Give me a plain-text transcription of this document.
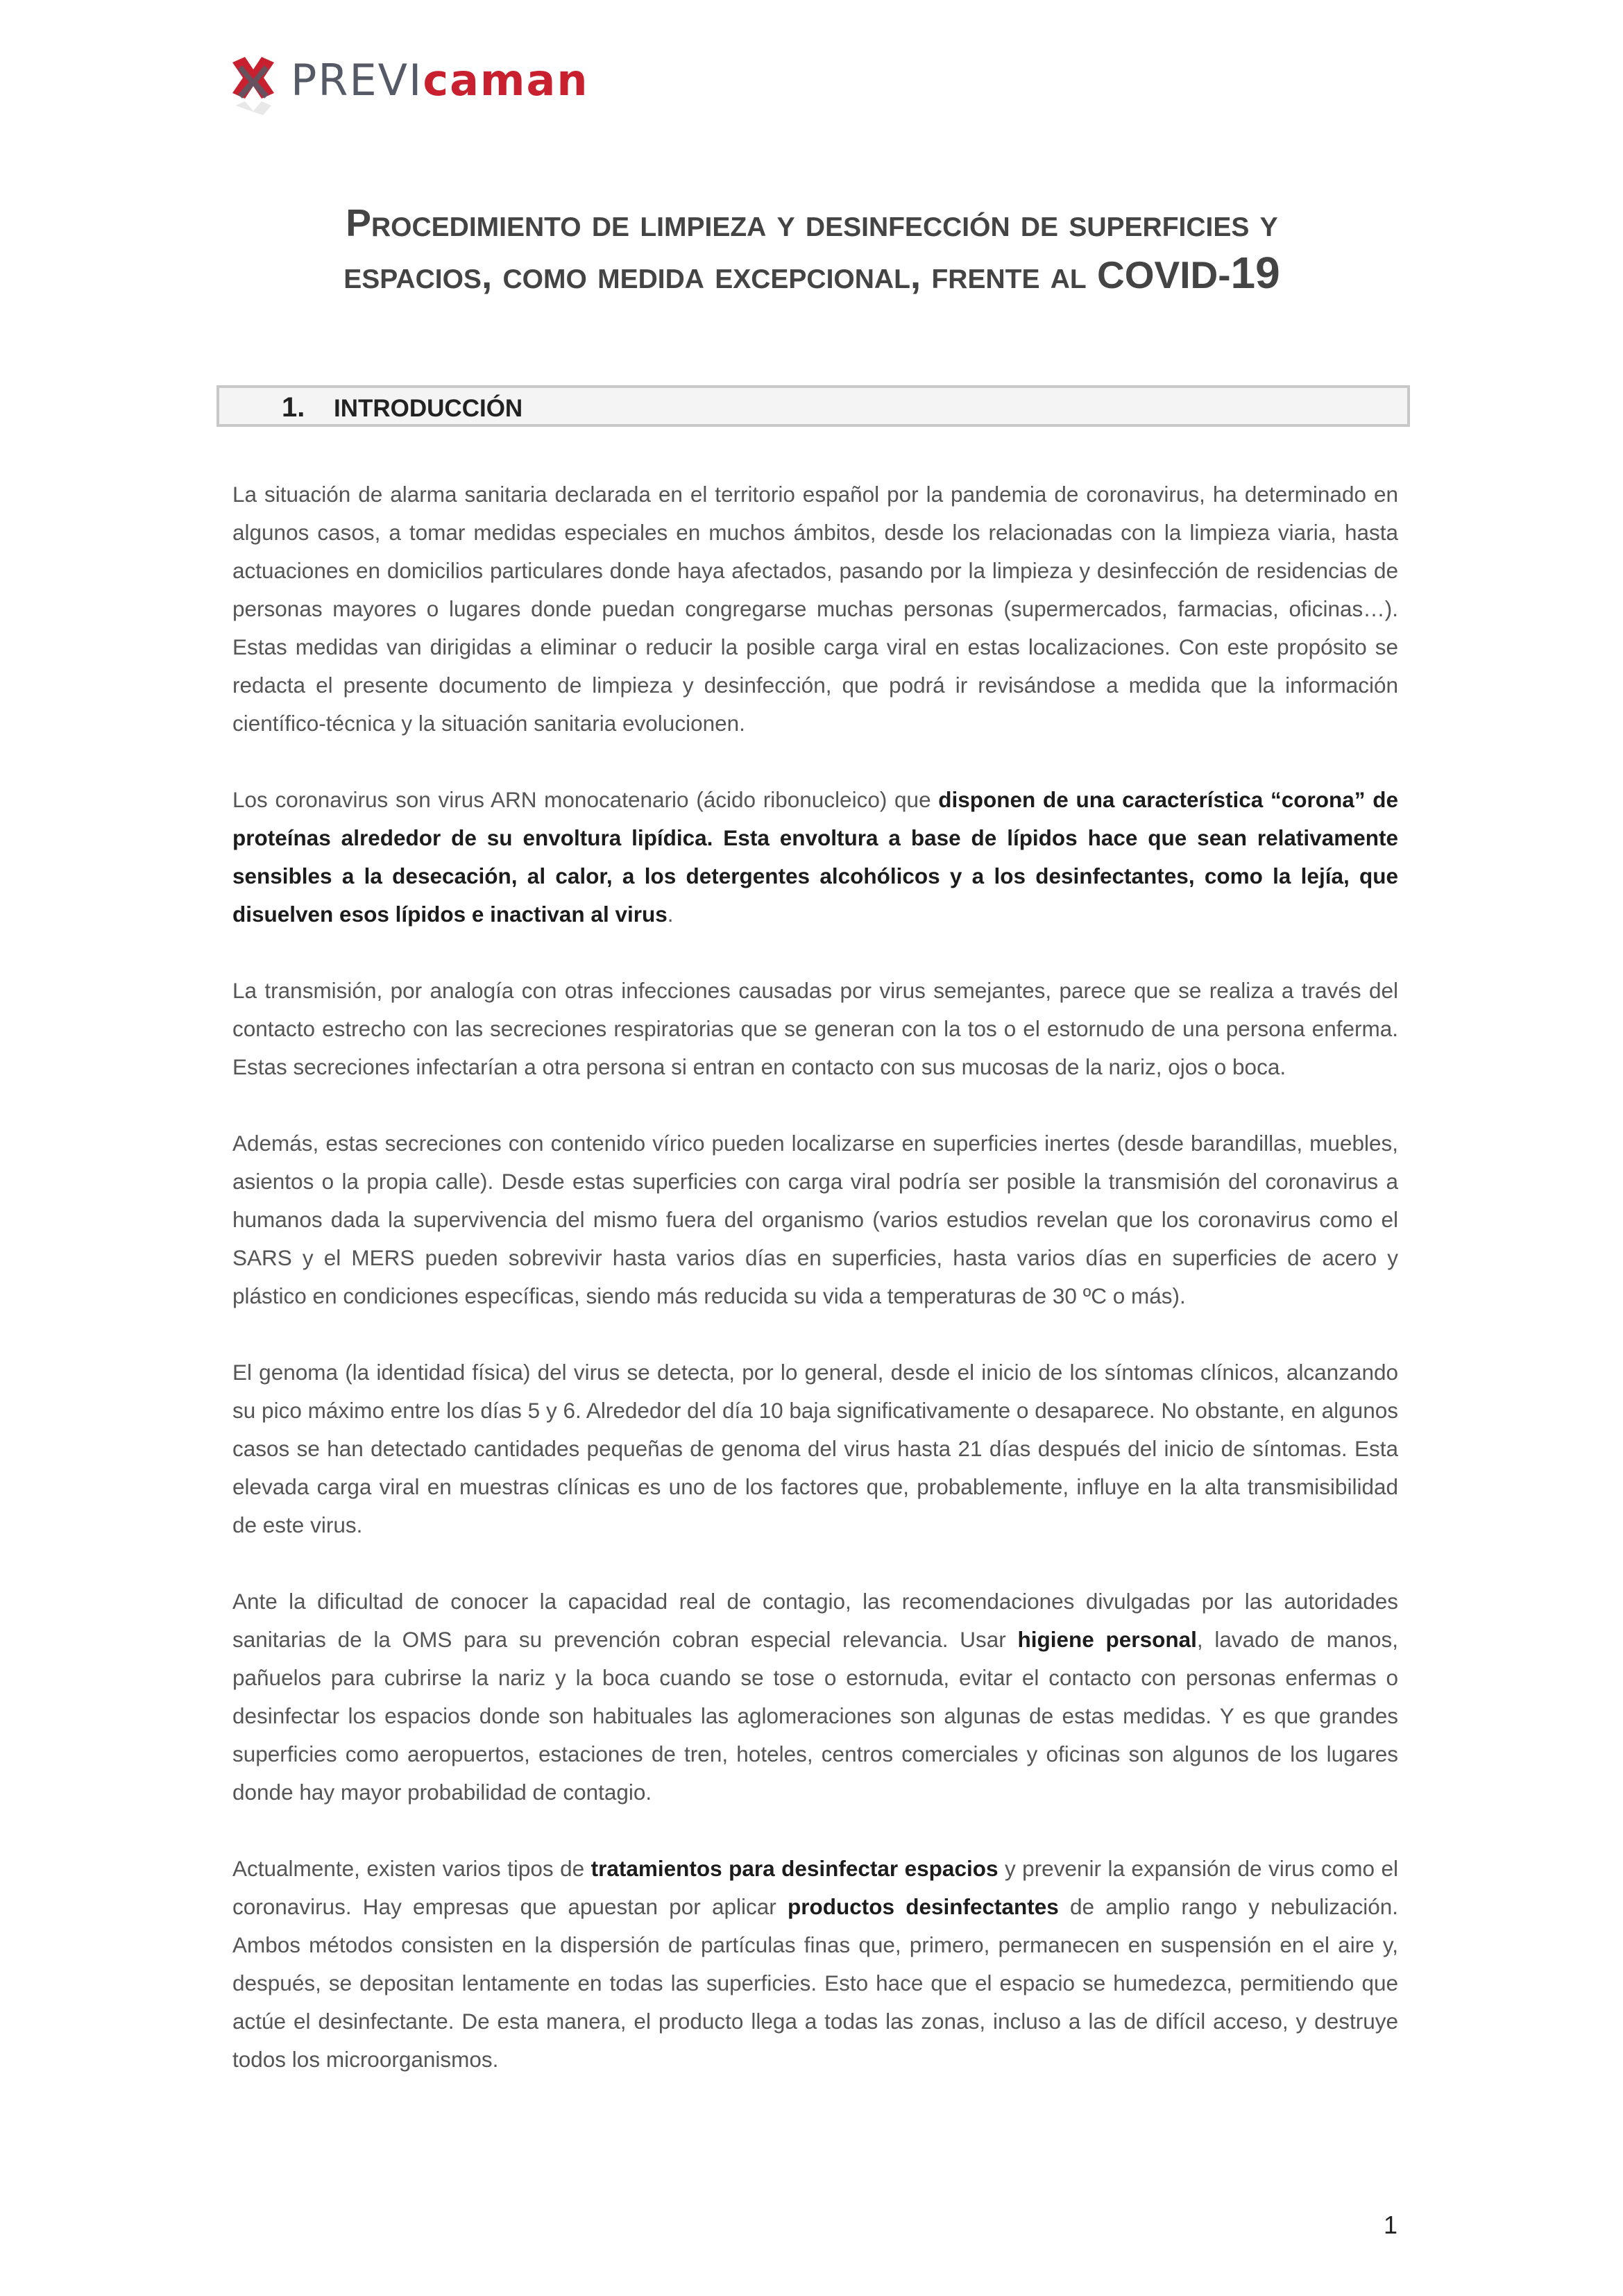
PREVIcaman
Procedimiento de limpieza y desinfección de superficies y
espacios, como medida excepcional, frente al COVID-19
1. INTRODUCCIÓN

La situación de alarma sanitaria declarada en el territorio español por la pandemia de coronavirus, ha determinado en algunos casos, a tomar medidas especiales en muchos ámbitos, desde los relacionadas con la limpieza viaria, hasta actuaciones en domicilios particulares donde haya afectados, pasando por la limpieza y desinfección de residencias de personas mayores o lugares donde puedan congregarse muchas personas (supermercados, farmacias, oficinas…). Estas medidas van dirigidas a eliminar o reducir la posible carga viral en estas localizaciones. Con este propósito se redacta el presente documento de limpieza y desinfección, que podrá ir revisándose a medida que la información científico-técnica y la situación sanitaria evolucionen.

Los coronavirus son virus ARN monocatenario (ácido ribonucleico) que disponen de una característica “corona” de proteínas alrededor de su envoltura lipídica. Esta envoltura a base de lípidos hace que sean relativamente sensibles a la desecación, al calor, a los detergentes alcohólicos y a los desinfectantes, como la lejía, que disuelven esos lípidos e inactivan al virus.

La transmisión, por analogía con otras infecciones causadas por virus semejantes, parece que se realiza a través del contacto estrecho con las secreciones respiratorias que se generan con la tos o el estornudo de una persona enferma. Estas secreciones infectarían a otra persona si entran en contacto con sus mucosas de la nariz, ojos o boca.

Además, estas secreciones con contenido vírico pueden localizarse en superficies inertes (desde barandillas, muebles, asientos o la propia calle). Desde estas superficies con carga viral podría ser posible la transmisión del coronavirus a humanos dada la supervivencia del mismo fuera del organismo (varios estudios revelan que los coronavirus como el SARS y el MERS pueden sobrevivir hasta varios días en superficies, hasta varios días en superficies de acero y plástico en condiciones específicas, siendo más reducida su vida a temperaturas de 30 ºC o más).

El genoma (la identidad física) del virus se detecta, por lo general, desde el inicio de los síntomas clínicos, alcanzando su pico máximo entre los días 5 y 6. Alrededor del día 10 baja significativamente o desaparece. No obstante, en algunos casos se han detectado cantidades pequeñas de genoma del virus hasta 21 días después del inicio de síntomas. Esta elevada carga viral en muestras clínicas es uno de los factores que, probablemente, influye en la alta transmisibilidad de este virus.

Ante la dificultad de conocer la capacidad real de contagio, las recomendaciones divulgadas por las autoridades sanitarias de la OMS para su prevención cobran especial relevancia. Usar higiene personal, lavado de manos, pañuelos para cubrirse la nariz y la boca cuando se tose o estornuda, evitar el contacto con personas enfermas o desinfectar los espacios donde son habituales las aglomeraciones son algunas de estas medidas. Y es que grandes superficies como aeropuertos, estaciones de tren, hoteles, centros comerciales y oficinas son algunos de los lugares donde hay mayor probabilidad de contagio.

Actualmente, existen varios tipos de tratamientos para desinfectar espacios y prevenir la expansión de virus como el coronavirus. Hay empresas que apuestan por aplicar productos desinfectantes de amplio rango y nebulización. Ambos métodos consisten en la dispersión de partículas finas que, primero, permanecen en suspensión en el aire y, después, se depositan lentamente en todas las superficies. Esto hace que el espacio se humedezca, permitiendo que actúe el desinfectante. De esta manera, el producto llega a todas las zonas, incluso a las de difícil acceso, y destruye todos los microorganismos.

1
